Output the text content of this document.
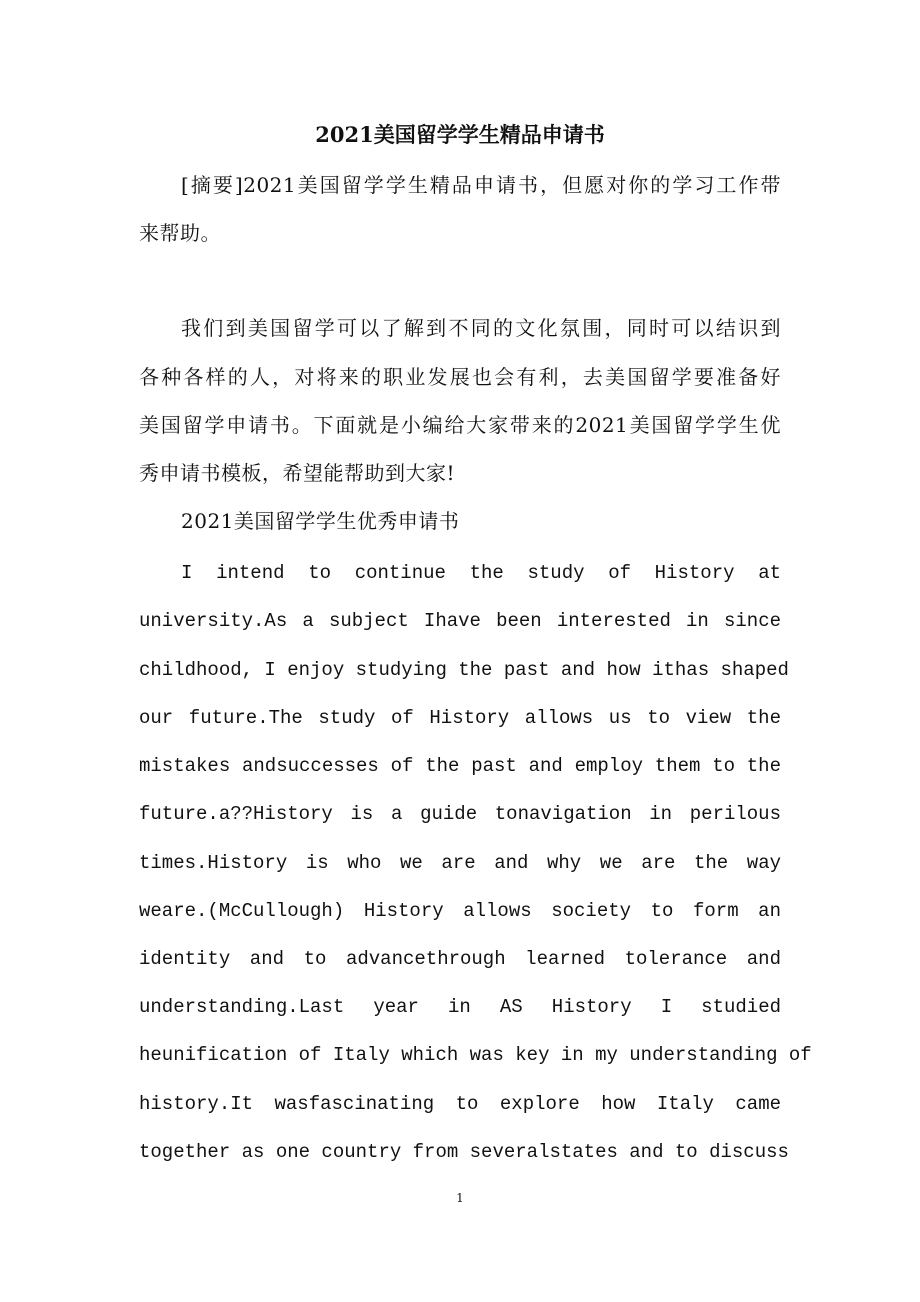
2021美国留学学生精品申请书
[摘要]2021美国留学学生精品申请书，但愿对你的学习工作带
来帮助。
我们到美国留学可以了解到不同的文化氛围，同时可以结识到
各种各样的人，对将来的职业发展也会有利，去美国留学要准备好
美国留学申请书。下面就是小编给大家带来的2021美国留学学生优
秀申请书模板，希望能帮助到大家!
2021美国留学学生优秀申请书
I intend to continue the study of History at
university.As a subject Ihave been interested in since
childhood, I enjoy studying the past and how ithas shaped
our future.The study of History allows us to view the
mistakes andsuccesses of the past and employ them to the
future.a??History is a guide tonavigation in perilous
times.History is who we are and why we are the way
weare.(McCullough) History allows society to form an
identity and to advancethrough learned tolerance and
understanding.Last year in AS History I studied
heunification of Italy which was key in my understanding of
history.It wasfascinating to explore how Italy came
together as one country from severalstates and to discuss
1
